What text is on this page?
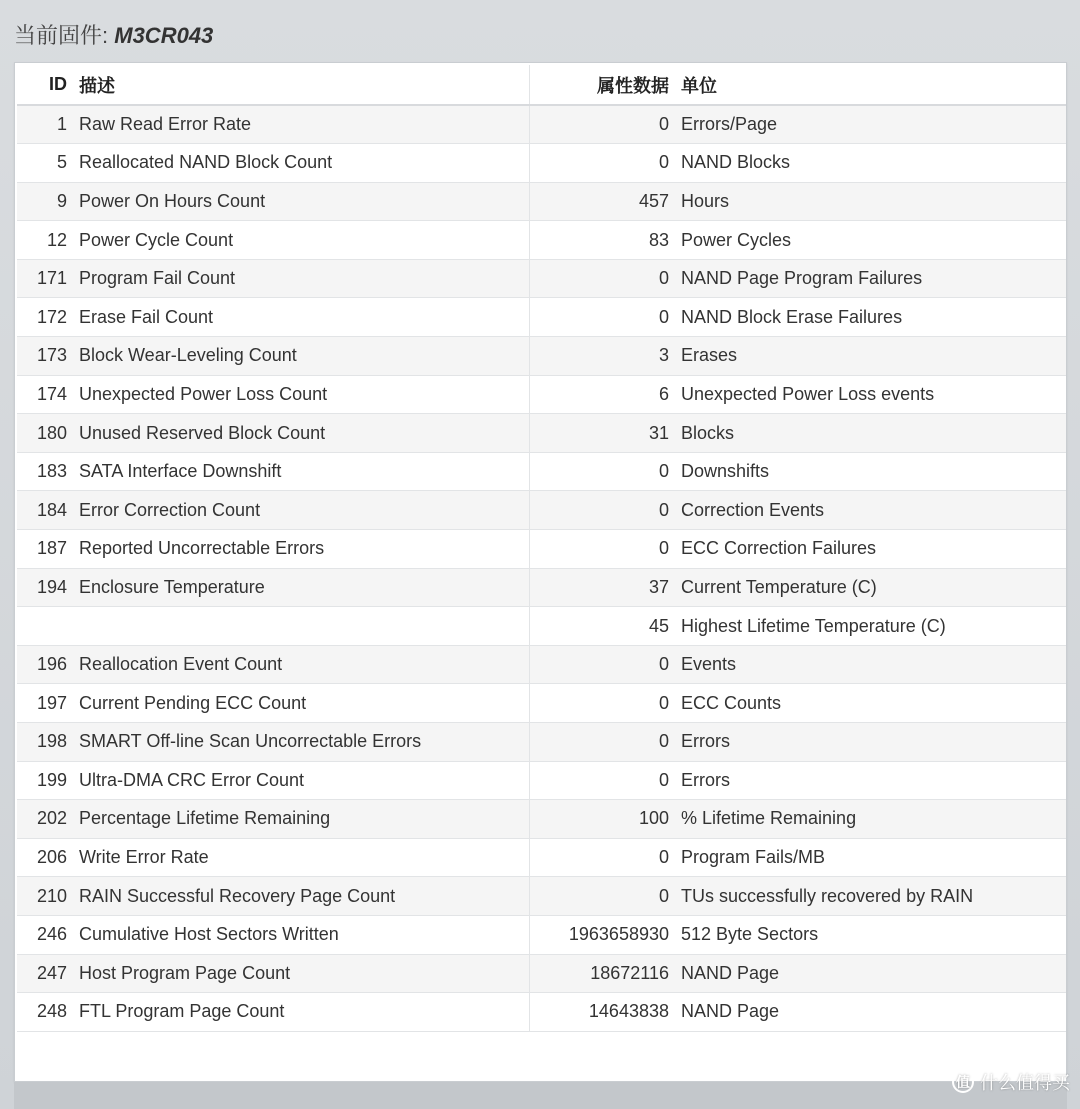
当前固件: M3CR043
ID	描述	属性数据	单位
1	Raw Read Error Rate	0	Errors/Page
5	Reallocated NAND Block Count	0	NAND Blocks
9	Power On Hours Count	457	Hours
12	Power Cycle Count	83	Power Cycles
171	Program Fail Count	0	NAND Page Program Failures
172	Erase Fail Count	0	NAND Block Erase Failures
173	Block Wear-Leveling Count	3	Erases
174	Unexpected Power Loss Count	6	Unexpected Power Loss events
180	Unused Reserved Block Count	31	Blocks
183	SATA Interface Downshift	0	Downshifts
184	Error Correction Count	0	Correction Events
187	Reported Uncorrectable Errors	0	ECC Correction Failures
194	Enclosure Temperature	37	Current Temperature (C)
		45	Highest Lifetime Temperature (C)
196	Reallocation Event Count	0	Events
197	Current Pending ECC Count	0	ECC Counts
198	SMART Off-line Scan Uncorrectable Errors	0	Errors
199	Ultra-DMA CRC Error Count	0	Errors
202	Percentage Lifetime Remaining	100	% Lifetime Remaining
206	Write Error Rate	0	Program Fails/MB
210	RAIN Successful Recovery Page Count	0	TUs successfully recovered by RAIN
246	Cumulative Host Sectors Written	1963658930	512 Byte Sectors
247	Host Program Page Count	18672116	NAND Page
248	FTL Program Page Count	14643838	NAND Page
值 什么值得买
